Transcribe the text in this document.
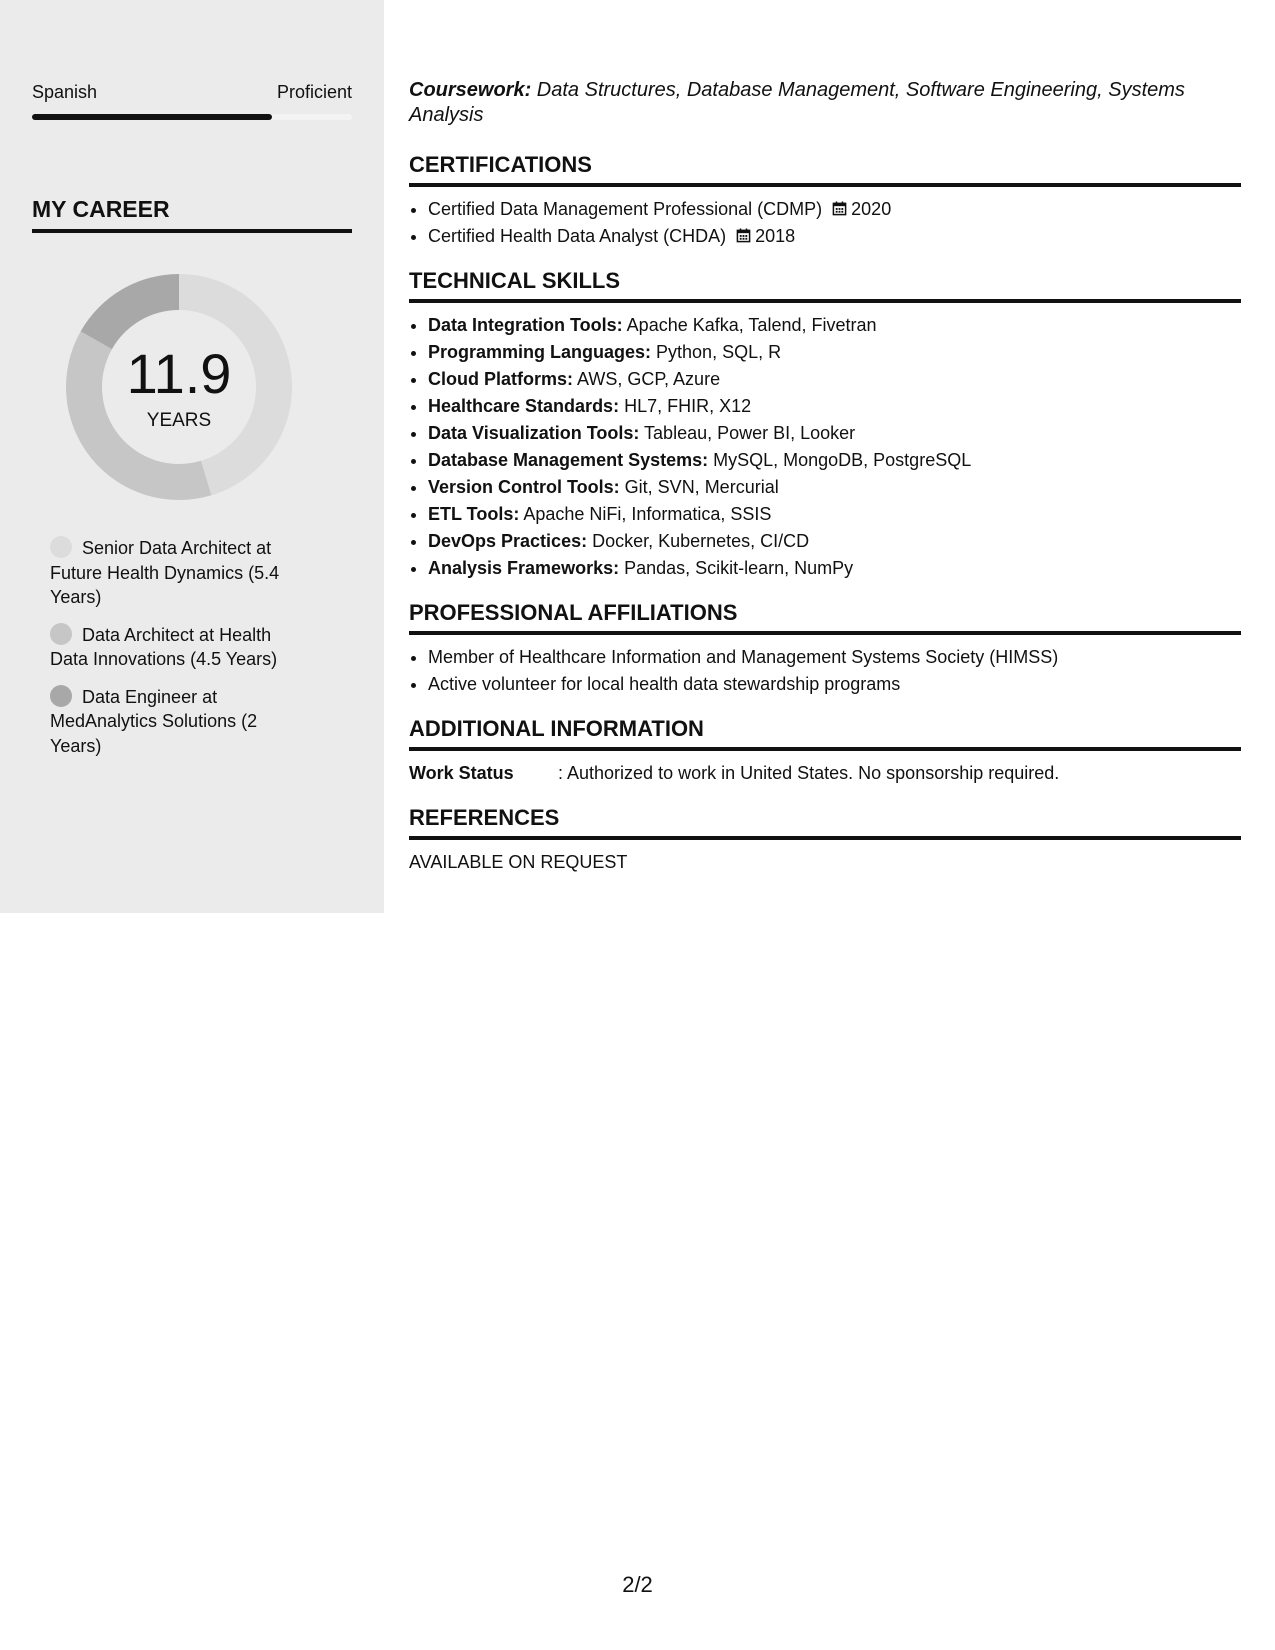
Spanish	Proficient
MY CAREER
11.9
YEARS
Senior Data Architect at Future Health Dynamics (5.4 Years)
Data Architect at Health Data Innovations (4.5 Years)
Data Engineer at MedAnalytics Solutions (2 Years)

Coursework: Data Structures, Database Management, Software Engineering, Systems Analysis

CERTIFICATIONS
• Certified Data Management Professional (CDMP) 2020
• Certified Health Data Analyst (CHDA) 2018
TECHNICAL SKILLS
• Data Integration Tools: Apache Kafka, Talend, Fivetran
• Programming Languages: Python, SQL, R
• Cloud Platforms: AWS, GCP, Azure
• Healthcare Standards: HL7, FHIR, X12
• Data Visualization Tools: Tableau, Power BI, Looker
• Database Management Systems: MySQL, MongoDB, PostgreSQL
• Version Control Tools: Git, SVN, Mercurial
• ETL Tools: Apache NiFi, Informatica, SSIS
• DevOps Practices: Docker, Kubernetes, CI/CD
• Analysis Frameworks: Pandas, Scikit-learn, NumPy
PROFESSIONAL AFFILIATIONS
• Member of Healthcare Information and Management Systems Society (HIMSS)
• Active volunteer for local health data stewardship programs
ADDITIONAL INFORMATION
Work Status : Authorized to work in United States. No sponsorship required.
REFERENCES

AVAILABLE ON REQUEST

2/2
